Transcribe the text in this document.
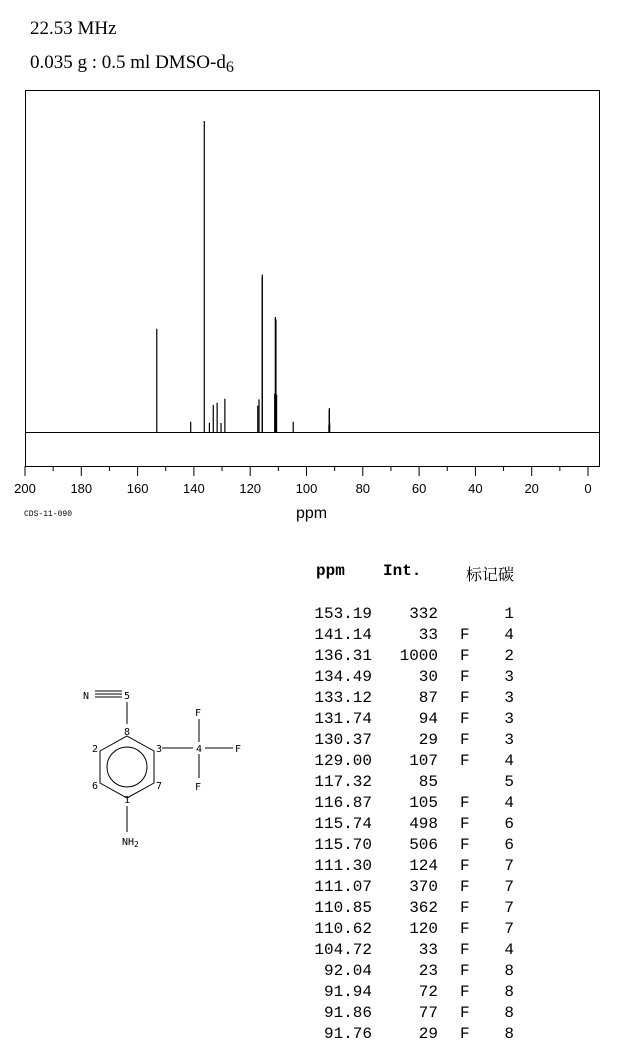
22.53 MHz
0.035 g : 0.5 ml DMSO-$d_6$
200	180	160	140	120	100	80	60	40	20	0
CDS-11-090	ppm
ppm Int.	标记碳
153.19 332	1
141.14	33 F 4
136.31 1000 F 2
134.49	30 F 3
133.12	87 F 3
131.74	94 F 3
130.37	29 F 3
129.00 107 F 4
117.32	85	5
116.87 105 F 4
115.74 498 F 6
115.70 506 F 6
111.30 124 F 7
111.07 370 F 7
110.85 362 F 7
110.62 120 F 7
104.72	33 F 4
92.04	23 F 8
91.94	72 F 8
91.86	77 F 8
91.76	29 F 8
N	5
8
2	3	4
F
F
F
6	7
1
$NH_2$
